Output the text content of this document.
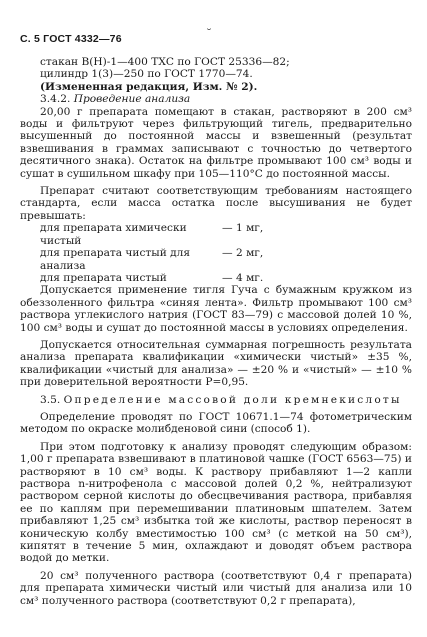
С. 5 ГОСТ 4332—76	˘

стакан В(Н)-1—400 ТХС по ГОСТ 25336—82;

цилиндр 1(3)—250 по ГОСТ 1770—74.

(Измененная редакция, Изм. № 2).

3.4.2. Проведение анализа

20,00 г препарата помещают в стакан, растворяют в 200 см³ воды и фильтруют через фильтрующий тигель, предварительно высушенный до постоянной массы и взвешенный (результат взвешивания в граммах записывают с точностью до четвертого десятичного знака). Остаток на фильтре промывают 100 см³ воды и сушат в сушильном шкафу при 105—110°С до постоянной массы.

Препарат считают соответствующим требованиям настоящего стандарта, если масса остатка после высушивания не будет превышать:

для препарата химически чистый
— 1 мг,
для препарата чистый для анализа
— 2 мг,
для препарата чистый	— 4 мг.

Допускается применение тигля Гуча с бумажным кружком из обеззоленного фильтра «синяя лента». Фильтр промывают 100 см³ раствора углекислого натрия (ГОСТ 83—79) с массовой долей 10 %, 100 см³ воды и сушат до постоянной массы в условиях определения.

Допускается относительная суммарная погрешность результата анализа препарата квалификации «химически чистый» ±35 %, квалификации «чистый для анализа» — ±20 % и «чистый» — ±10 % при доверительной вероятности P=0,95.

3.5. Определение массовой доли кремнекислоты

Определение проводят по ГОСТ 10671.1—74 фотометрическим методом по окраске молибденовой сини (способ 1).

При этом подготовку к анализу проводят следующим образом: 1,00 г препарата взвешивают в платиновой чашке (ГОСТ 6563—75) и растворяют в 10 см³ воды. К раствору прибавляют 1—2 капли раствора n-нитрофенола с массовой долей 0,2 %, нейтрализуют раствором серной кислоты до обесцвечивания раствора, прибавляя ее по каплям при перемешивании платиновым шпателем. Затем прибавляют 1,25 см³ избытка той же кислоты, раствор переносят в коническую колбу вместимостью 100 см³ (с меткой на 50 см³), кипятят в течение 5 мин, охлаждают и доводят объем раствора водой до метки.

20 см³ полученного раствора (соответствуют 0,4 г препарата) для препарата химически чистый или чистый для анализа или 10 см³ полученного раствора (соответствуют 0,2 г препарата),
